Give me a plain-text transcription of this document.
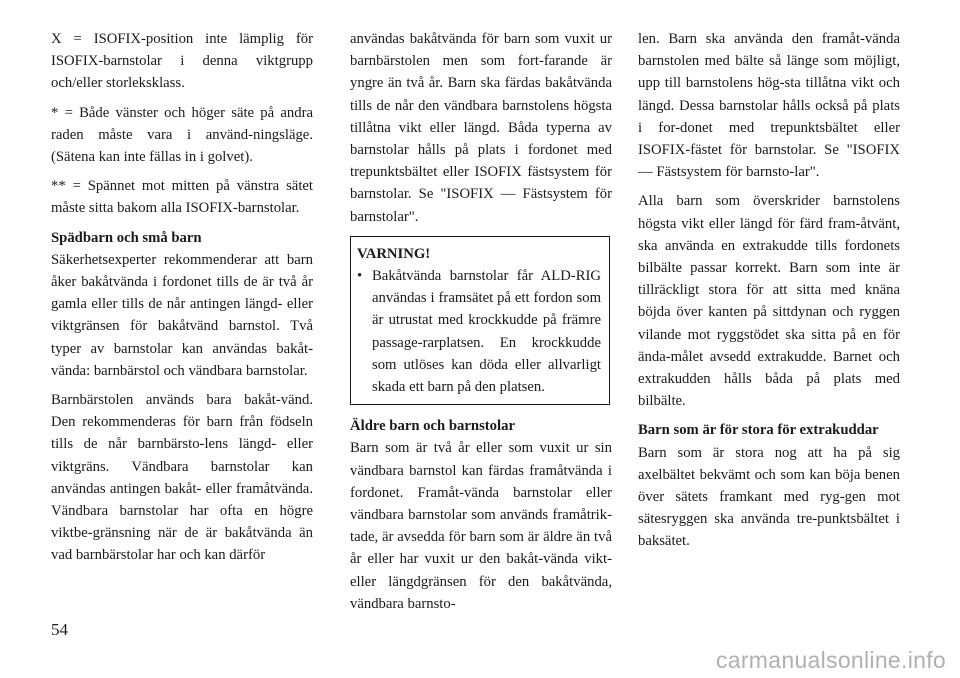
X = ISOFIX-position inte lämplig för ISOFIX-barnstolar i denna viktgrupp och/eller storleksklass.

* = Både vänster och höger säte på andra raden måste vara i använd-ningsläge. (Sätena kan inte fällas in i golvet).

** = Spännet mot mitten på vänstra sätet måste sitta bakom alla ISOFIX-barnstolar.

Spädbarn och små barn

Säkerhetsexperter rekommenderar att barn åker bakåtvända i fordonet tills de är två år gamla eller tills de når antingen längd- eller viktgränsen för bakåtvänd barnstol. Två typer av barnstolar kan användas bakåt-vända: barnbärstol och vändbara barnstolar.

Barnbärstolen används bara bakåt-vänd. Den rekommenderas för barn från födseln tills de når barnbärsto-lens längd- eller viktgräns. Vändbara barnstolar kan användas antingen bakåt- eller framåtvända. Vändbara barnstolar har ofta en högre viktbe-gränsning när de är bakåtvända än vad barnbärstolar har och kan därför

användas bakåtvända för barn som vuxit ur barnbärstolen men som fort-farande är yngre än två år. Barn ska färdas bakåtvända tills de når den vändbara barnstolens högsta tillåtna vikt eller längd. Båda typerna av barnstolar hålls på plats i fordonet med trepunktsbältet eller ISOFIX fästsystem för barnstolar. Se "ISOFIX — Fästsystem för barnstolar".

VARNING!

• Bakåtvända barnstolar får ALD-RIG användas i framsätet på ett fordon som är utrustat med krockkudde på främre passage-rarplatsen. En krockkudde som utlöses kan döda eller allvarligt skada ett barn på den platsen.
Äldre barn och barnstolar

Barn som är två år eller som vuxit ur sin vändbara barnstol kan färdas framåtvända i fordonet. Framåt-vända barnstolar eller vändbara barnstolar som används framåtrik-tade, är avsedda för barn som är äldre än två år eller har vuxit ur den bakåt-vända vikt- eller längdgränsen för den bakåtvända, vändbara barnsto-

len. Barn ska använda den framåt-vända barnstolen med bälte så länge som möjligt, upp till barnstolens hög-sta tillåtna vikt och längd. Dessa barnstolar hålls också på plats i for-donet med trepunktsbältet eller ISOFIX-fästet för barnstolar. Se "ISOFIX — Fästsystem för barnsto-lar".

Alla barn som överskrider barnstolens högsta vikt eller längd för färd fram-åtvänt, ska använda en extrakudde tills fordonets bilbälte passar korrekt. Barn som inte är tillräckligt stora för att sitta med knäna böjda över kanten på sittdynan och ryggen vilande mot ryggstödet ska sitta på en för ända-målet avsedd extrakudde. Barnet och extrakudden hålls båda på plats med bilbälte.

Barn som är för stora för extrakuddar

Barn som är stora nog att ha på sig axelbältet bekvämt och som kan böja benen över sätets framkant med ryg-gen mot sätesryggen ska använda tre-punktsbältet i baksätet.

54
carmanualsonline.info
